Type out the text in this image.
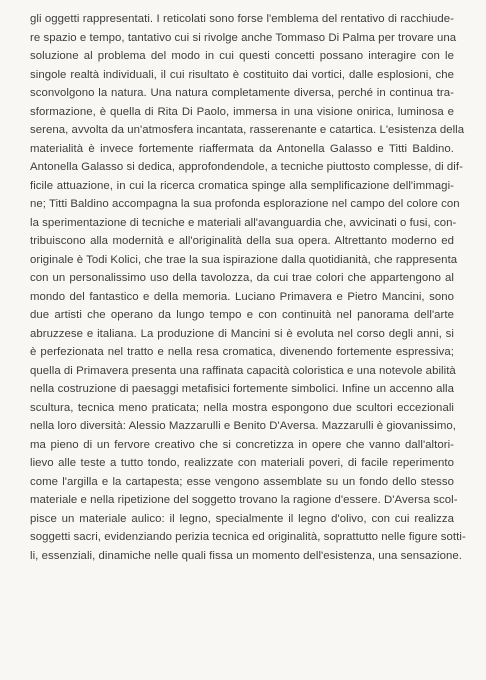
gli oggetti rappresentati. I reticolati sono forse l'emblema del rentativo di racchiude-
re spazio e tempo, tantativo cui si rivolge anche Tommaso Di Palma per trovare una
soluzione al problema del modo in cui questi concetti possano interagire con le
singole realtà individuali, il cui risultato è costituito dai vortici, dalle esplosioni, che
sconvolgono la natura. Una natura completamente diversa, perché in continua tra-
sformazione, è quella di Rita Di Paolo, immersa in una visione onirica, luminosa e
serena, avvolta da un'atmosfera incantata, rasserenante e catartica. L'esistenza della
materialità è invece fortemente riaffermata da Antonella Galasso e Titti Baldino.
Antonella Galasso si dedica, approfondendole, a tecniche piuttosto complesse, di dif-
ficile attuazione, in cui la ricerca cromatica spinge alla semplificazione dell'immagi-
ne; Titti Baldino accompagna la sua profonda esplorazione nel campo del colore con
la sperimentazione di tecniche e materiali all'avanguardia che, avvicinati o fusi, con-
tribuiscono alla modernità e all'originalità della sua opera. Altrettanto moderno ed
originale è Todi Kolici, che trae la sua ispirazione dalla quotidianità, che rappresenta
con un personalissimo uso della tavolozza, da cui trae colori che appartengono al
mondo del fantastico e della memoria. Luciano Primavera e Pietro Mancini, sono
due artisti che operano da lungo tempo e con continuità nel panorama dell'arte
abruzzese e italiana. La produzione di Mancini si è evoluta nel corso degli anni, si
è perfezionata nel tratto e nella resa cromatica, divenendo fortemente espressiva;
quella di Primavera presenta una raffinata capacità coloristica e una notevole abilità
nella costruzione di paesaggi metafisici fortemente simbolici. Infine un accenno alla
scultura, tecnica meno praticata; nella mostra espongono due scultori eccezionali
nella loro diversità: Alessio Mazzarulli e Benito D'Aversa. Mazzarulli è giovanissimo,
ma pieno di un fervore creativo che si concretizza in opere che vanno dall'altori-
lievo alle teste a tutto tondo, realizzate con materiali poveri, di facile reperimento
come l'argilla e la cartapesta; esse vengono assemblate su un fondo dello stesso
materiale e nella ripetizione del soggetto trovano la ragione d'essere. D'Aversa scol-
pisce un materiale aulico: il legno, specialmente il legno d'olivo, con cui realizza
soggetti sacri, evidenziando perizia tecnica ed originalità, soprattutto nelle figure sotti-
li, essenziali, dinamiche nelle quali fissa un momento dell'esistenza, una sensazione.
